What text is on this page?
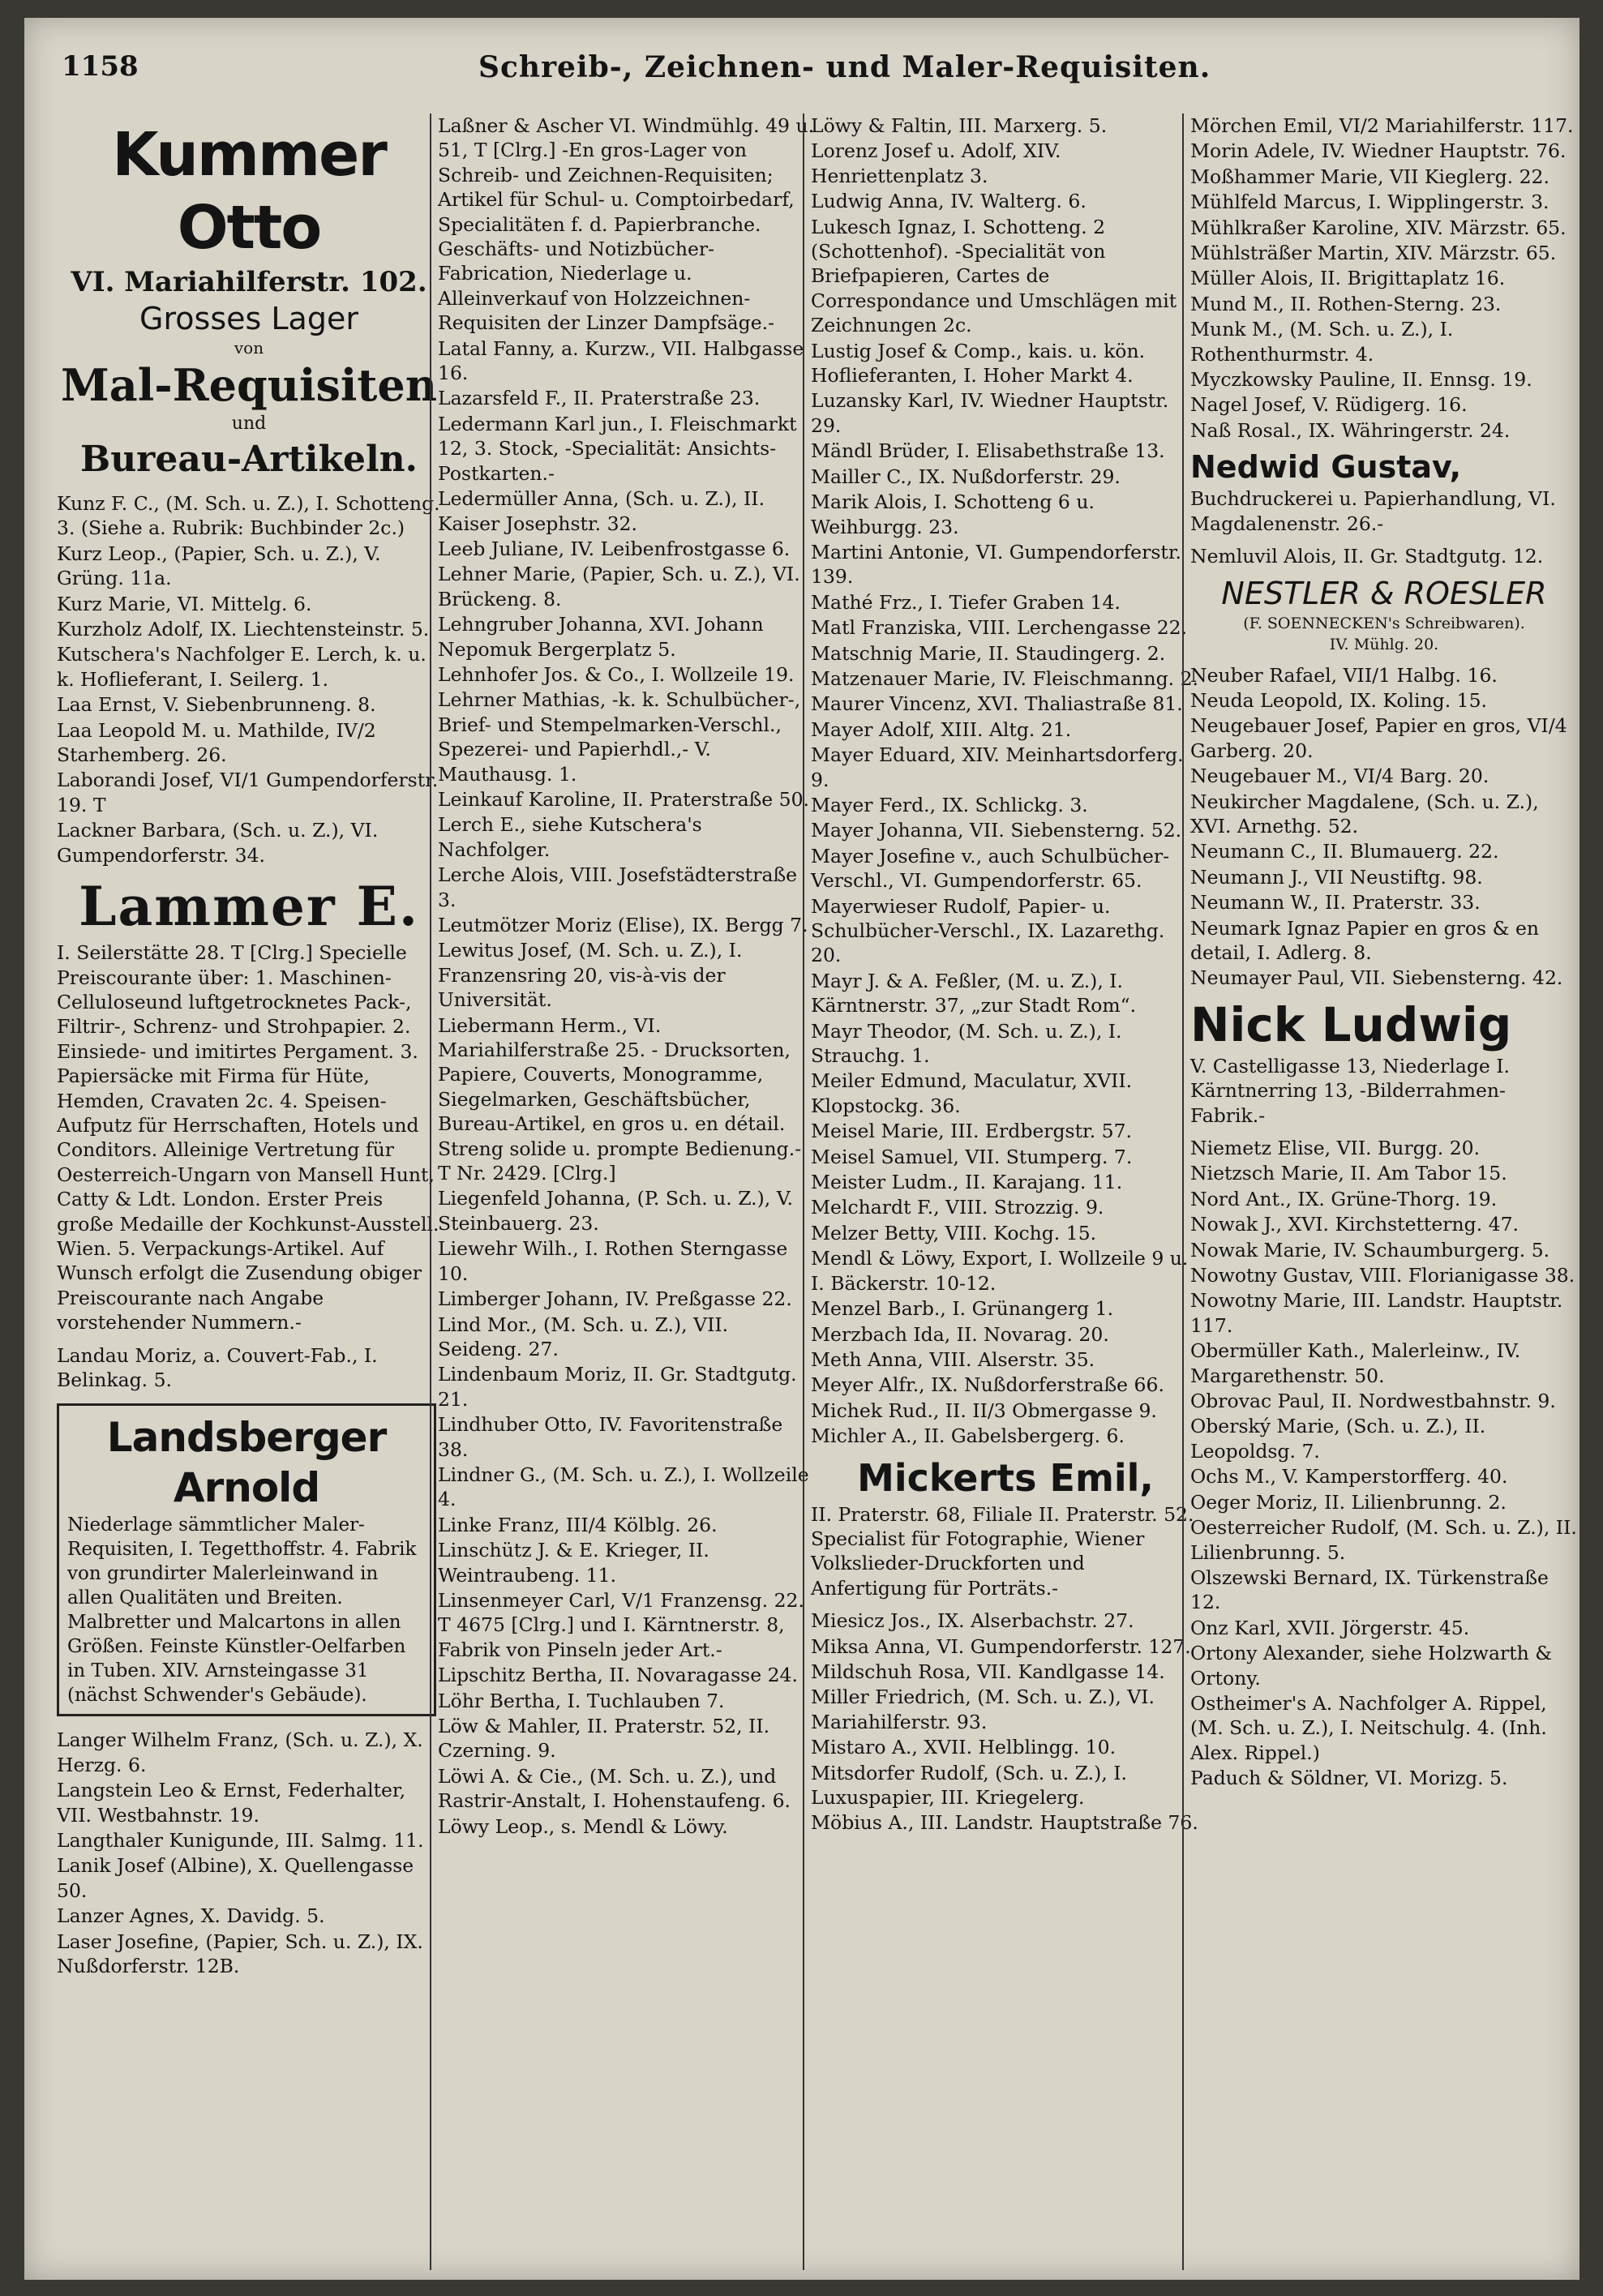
1158	Schreib-, Zeichnen- und Maler-Requisiten.
Kummer Otto
VI. Mariahilferstr. 102.
Grosses Lager
von
Mal-Requisiten
und
Bureau-Artikeln.
Kunz F. C., (M. Sch. u. Z.), I. Schotteng. 3. (Siehe a. Rubrik: Buchbinder 2c.)
Kurz Leop., (Papier, Sch. u. Z.), V. Grüng. 11a.
Kurz Marie, VI. Mittelg. 6.
Kurzholz Adolf, IX. Liechtensteinstr. 5.
Kutschera's Nachfolger E. Lerch, k. u. k. Hoflieferant, I. Seilerg. 1.
Laa Ernst, V. Siebenbrunneng. 8.
Laa Leopold M. u. Mathilde, IV/2 Starhemberg. 26.
Laborandi Josef, VI/1 Gumpendorferstr. 19. T
Lackner Barbara, (Sch. u. Z.), VI. Gumpendorferstr. 34.
Lammer E.
I. Seilerstätte 28. T [Clrg.] Specielle Preiscourante über: 1. Maschinen-Celluloseund luftgetrocknetes Pack-, Filtrir-, Schrenz- und Strohpapier. 2. Einsiede- und imitirtes Pergament. 3. Papiersäcke mit Firma für Hüte, Hemden, Cravaten 2c. 4. Speisen-Aufputz für Herrschaften, Hotels und Conditors. Alleinige Vertretung für Oesterreich-Ungarn von Mansell Hunt, Catty & Ldt. London. Erster Preis große Medaille der Kochkunst-Ausstell. Wien. 5. Verpackungs-Artikel. Auf Wunsch erfolgt die Zusendung obiger Preiscourante nach Angabe vorstehender Nummern.-
Landau Moriz, a. Couvert-Fab., I. Belinkag. 5.
Landsberger Arnold
Niederlage sämmtlicher Maler-Requisiten, I. Tegetthoffstr. 4. Fabrik von grundirter Malerleinwand in allen Qualitäten und Breiten. Malbretter und Malcartons in allen Größen. Feinste Künstler-Oelfarben in Tuben. XIV. Arnsteingasse 31 (nächst Schwender's Gebäude).
Langer Wilhelm Franz, (Sch. u. Z.), X. Herzg. 6.
Langstein Leo & Ernst, Federhalter, VII. Westbahnstr. 19.
Langthaler Kunigunde, III. Salmg. 11.
Lanik Josef (Albine), X. Quellengasse 50.
Lanzer Agnes, X. Davidg. 5.
Laser Josefine, (Papier, Sch. u. Z.), IX. Nußdorferstr. 12B.
Laßner & Ascher VI. Windmühlg. 49 u. 51, T [Clrg.] -En gros-Lager von Schreib- und Zeichnen-Requisiten; Artikel für Schul- u. Comptoirbedarf, Specialitäten f. d. Papierbranche. Geschäfts- und Notizbücher-Fabrication, Niederlage u. Alleinverkauf von Holzzeichnen-Requisiten der Linzer Dampfsäge.-
Latal Fanny, a. Kurzw., VII. Halbgasse 16.
Lazarsfeld F., II. Praterstraße 23.
Ledermann Karl jun., I. Fleischmarkt 12, 3. Stock, -Specialität: Ansichts-Postkarten.-
Ledermüller Anna, (Sch. u. Z.), II. Kaiser Josephstr. 32.
Leeb Juliane, IV. Leibenfrostgasse 6.
Lehner Marie, (Papier, Sch. u. Z.), VI. Brückeng. 8.
Lehngruber Johanna, XVI. Johann Nepomuk Bergerplatz 5.
Lehnhofer Jos. & Co., I. Wollzeile 19.
Lehrner Mathias, -k. k. Schulbücher-, Brief- und Stempelmarken-Verschl., Spezerei- und Papierhdl.,- V. Mauthausg. 1.
Leinkauf Karoline, II. Praterstraße 50.
Lerch E., siehe Kutschera's Nachfolger.
Lerche Alois, VIII. Josefstädterstraße 3.
Leutmötzer Moriz (Elise), IX. Bergg 7.
Lewitus Josef, (M. Sch. u. Z.), I. Franzensring 20, vis-à-vis der Universität.
Liebermann Herm., VI. Mariahilferstraße 25. - Drucksorten, Papiere, Couverts, Monogramme, Siegelmarken, Geschäftsbücher, Bureau-Artikel, en gros u. en détail. Streng solide u. prompte Bedienung.- T Nr. 2429. [Clrg.]
Liegenfeld Johanna, (P. Sch. u. Z.), V. Steinbauerg. 23.
Liewehr Wilh., I. Rothen Sterngasse 10.
Limberger Johann, IV. Preßgasse 22.
Lind Mor., (M. Sch. u. Z.), VII. Seideng. 27.
Lindenbaum Moriz, II. Gr. Stadtgutg. 21.
Lindhuber Otto, IV. Favoritenstraße 38.
Lindner G., (M. Sch. u. Z.), I. Wollzeile 4.
Linke Franz, III/4 Kölblg. 26.
Linschütz J. & E. Krieger, II. Weintraubeng. 11.
Linsenmeyer Carl, V/1 Franzensg. 22. T 4675 [Clrg.] und I. Kärntnerstr. 8, Fabrik von Pinseln jeder Art.-
Lipschitz Bertha, II. Novaragasse 24.
Löhr Bertha, I. Tuchlauben 7.
Löw & Mahler, II. Praterstr. 52, II. Czerning. 9.
Löwi A. & Cie., (M. Sch. u. Z.), und Rastrir-Anstalt, I. Hohenstaufeng. 6.
Löwy Leop., s. Mendl & Löwy.
Löwy & Faltin, III. Marxerg. 5.
Lorenz Josef u. Adolf, XIV. Henriettenplatz 3.
Ludwig Anna, IV. Walterg. 6.
Lukesch Ignaz, I. Schotteng. 2 (Schottenhof). -Specialität von Briefpapieren, Cartes de Correspondance und Umschlägen mit Zeichnungen 2c.
Lustig Josef & Comp., kais. u. kön. Hoflieferanten, I. Hoher Markt 4.
Luzansky Karl, IV. Wiedner Hauptstr. 29.
Mändl Brüder, I. Elisabethstraße 13.
Mailler C., IX. Nußdorferstr. 29.
Marik Alois, I. Schotteng 6 u. Weihburgg. 23.
Martini Antonie, VI. Gumpendorferstr. 139.
Mathé Frz., I. Tiefer Graben 14.
Matl Franziska, VIII. Lerchengasse 22.
Matschnig Marie, II. Staudingerg. 2.
Matzenauer Marie, IV. Fleischmanng. 2.
Maurer Vincenz, XVI. Thaliastraße 81.
Mayer Adolf, XIII. Altg. 21.
Mayer Eduard, XIV. Meinhartsdorferg. 9.
Mayer Ferd., IX. Schlickg. 3.
Mayer Johanna, VII. Siebensterng. 52.
Mayer Josefine v., auch Schulbücher-Verschl., VI. Gumpendorferstr. 65.
Mayerwieser Rudolf, Papier- u. Schulbücher-Verschl., IX. Lazarethg. 20.
Mayr J. & A. Feßler, (M. u. Z.), I. Kärntnerstr. 37, „zur Stadt Rom“.
Mayr Theodor, (M. Sch. u. Z.), I. Strauchg. 1.
Meiler Edmund, Maculatur, XVII. Klopstockg. 36.
Meisel Marie, III. Erdbergstr. 57.
Meisel Samuel, VII. Stumperg. 7.
Meister Ludm., II. Karajang. 11.
Melchardt F., VIII. Strozzig. 9.
Melzer Betty, VIII. Kochg. 15.
Mendl & Löwy, Export, I. Wollzeile 9 u. I. Bäckerstr. 10-12.
Menzel Barb., I. Grünangerg 1.
Merzbach Ida, II. Novarag. 20.
Meth Anna, VIII. Alserstr. 35.
Meyer Alfr., IX. Nußdorferstraße 66.
Michek Rud., II. II/3 Obmergasse 9.
Michler A., II. Gabelsbergerg. 6.
Mickerts Emil,
II. Praterstr. 68, Filiale II. Praterstr. 52. Specialist für Fotographie, Wiener Volkslieder-Druckforten und Anfertigung für Porträts.-
Miesicz Jos., IX. Alserbachstr. 27.
Miksa Anna, VI. Gumpendorferstr. 127.
Mildschuh Rosa, VII. Kandlgasse 14.
Miller Friedrich, (M. Sch. u. Z.), VI. Mariahilferstr. 93.
Mistaro A., XVII. Helblingg. 10.
Mitsdorfer Rudolf, (Sch. u. Z.), I. Luxuspapier, III. Kriegelerg.
Möbius A., III. Landstr. Hauptstraße 76.
Mörchen Emil, VI/2 Mariahilferstr. 117.
Morin Adele, IV. Wiedner Hauptstr. 76.
Moßhammer Marie, VII Kieglerg. 22.
Mühlfeld Marcus, I. Wipplingerstr. 3.
Mühlkraßer Karoline, XIV. Märzstr. 65.
Mühlsträßer Martin, XIV. Märzstr. 65.
Müller Alois, II. Brigittaplatz 16.
Mund M., II. Rothen-Sterng. 23.
Munk M., (M. Sch. u. Z.), I. Rothenthurmstr. 4.
Myczkowsky Pauline, II. Ennsg. 19.
Nagel Josef, V. Rüdigerg. 16.
Naß Rosal., IX. Währingerstr. 24.
Nedwid Gustav,
Buchdruckerei u. Papierhandlung, VI. Magdalenenstr. 26.-
Nemluvil Alois, II. Gr. Stadtgutg. 12.
NESTLER & ROESLER
(F. SOENNECKEN's Schreibwaren).
IV. Mühlg. 20.
Neuber Rafael, VII/1 Halbg. 16.
Neuda Leopold, IX. Koling. 15.
Neugebauer Josef, Papier en gros, VI/4 Garberg. 20.
Neugebauer M., VI/4 Barg. 20.
Neukircher Magdalene, (Sch. u. Z.), XVI. Arnethg. 52.
Neumann C., II. Blumauerg. 22.
Neumann J., VII Neustiftg. 98.
Neumann W., II. Praterstr. 33.
Neumark Ignaz Papier en gros & en detail, I. Adlerg. 8.
Neumayer Paul, VII. Siebensterng. 42.
Nick Ludwig
V. Castelligasse 13, Niederlage I. Kärntnerring 13, -Bilderrahmen-Fabrik.-
Niemetz Elise, VII. Burgg. 20.
Nietzsch Marie, II. Am Tabor 15.
Nord Ant., IX. Grüne-Thorg. 19.
Nowak J., XVI. Kirchstetterng. 47.
Nowak Marie, IV. Schaumburgerg. 5.
Nowotny Gustav, VIII. Florianigasse 38.
Nowotny Marie, III. Landstr. Hauptstr. 117.
Obermüller Kath., Malerleinw., IV. Margarethenstr. 50.
Obrovac Paul, II. Nordwestbahnstr. 9.
Oberský Marie, (Sch. u. Z.), II. Leopoldsg. 7.
Ochs M., V. Kamperstorfferg. 40.
Oeger Moriz, II. Lilienbrunng. 2.
Oesterreicher Rudolf, (M. Sch. u. Z.), II. Lilienbrunng. 5.
Olszewski Bernard, IX. Türkenstraße 12.
Onz Karl, XVII. Jörgerstr. 45.
Ortony Alexander, siehe Holzwarth & Ortony.
Ostheimer's A. Nachfolger A. Rippel, (M. Sch. u. Z.), I. Neitschulg. 4. (Inh. Alex. Rippel.)
Paduch & Söldner, VI. Morizg. 5.
